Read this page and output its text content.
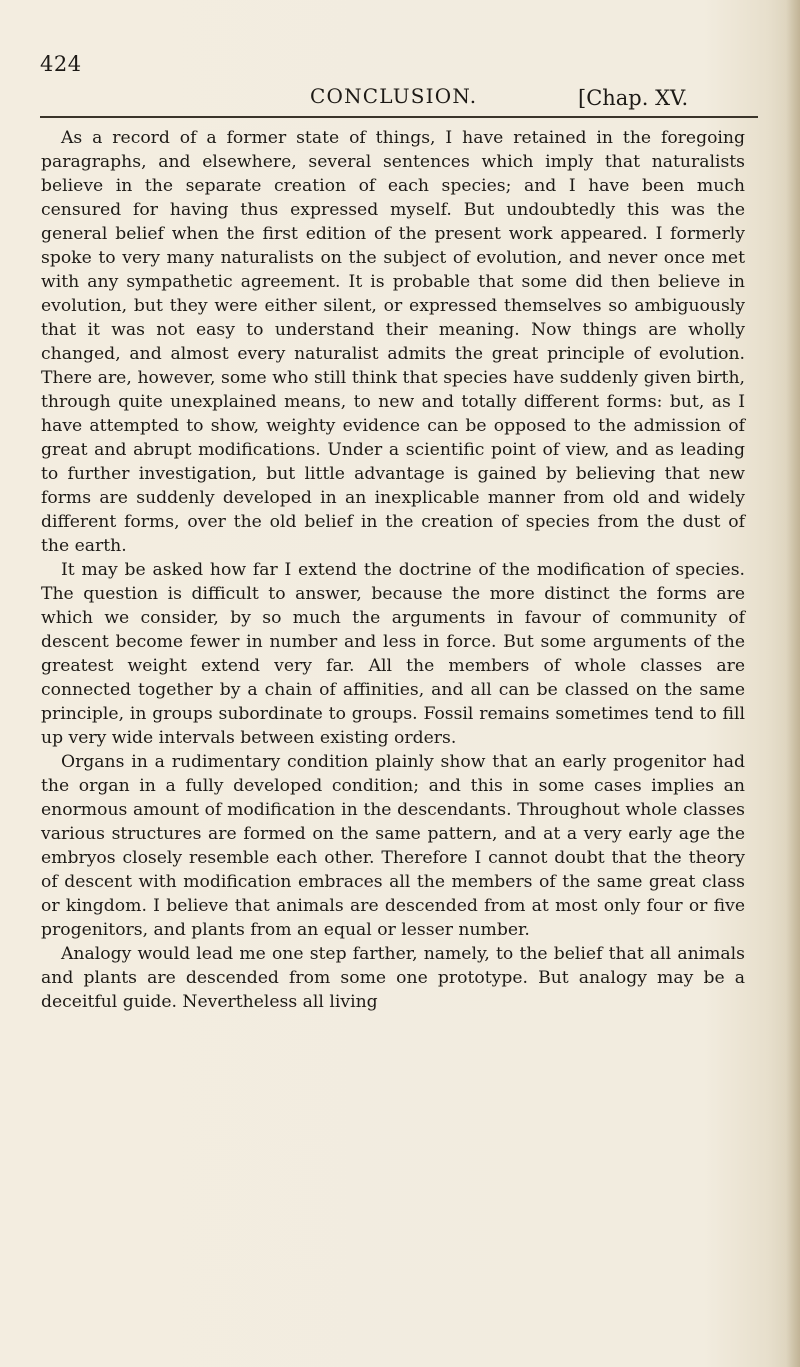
424
CONCLUSION.	[Chap. XV.

As a record of a former state of things, I have retained in the foregoing paragraphs, and elsewhere, several sentences which imply that naturalists believe in the separate creation of each species; and I have been much censured for having thus expressed myself. But undoubtedly this was the general belief when the first edition of the present work appeared. I formerly spoke to very many naturalists on the subject of evolution, and never once met with any sympathetic agreement. It is probable that some did then believe in evolution, but they were either silent, or expressed themselves so ambiguously that it was not easy to understand their meaning. Now things are wholly changed, and almost every naturalist admits the great principle of evolution. There are, however, some who still think that species have suddenly given birth, through quite unexplained means, to new and totally different forms: but, as I have attempted to show, weighty evidence can be opposed to the admission of great and abrupt modifications. Under a scientific point of view, and as leading to further investigation, but little advantage is gained by believing that new forms are suddenly developed in an inexplicable manner from old and widely different forms, over the old belief in the creation of species from the dust of the earth.

It may be asked how far I extend the doctrine of the modification of species. The question is difficult to answer, because the more distinct the forms are which we consider, by so much the arguments in favour of community of descent become fewer in number and less in force. But some arguments of the greatest weight extend very far. All the members of whole classes are connected together by a chain of affinities, and all can be classed on the same principle, in groups subordinate to groups. Fossil remains sometimes tend to fill up very wide intervals between existing orders.

Organs in a rudimentary condition plainly show that an early progenitor had the organ in a fully developed condition; and this in some cases implies an enormous amount of modification in the descendants. Throughout whole classes various structures are formed on the same pattern, and at a very early age the embryos closely resemble each other. Therefore I cannot doubt that the theory of descent with modification embraces all the members of the same great class or kingdom. I believe that animals are descended from at most only four or five progenitors, and plants from an equal or lesser number.

Analogy would lead me one step farther, namely, to the belief that all animals and plants are descended from some one prototype. But analogy may be a deceitful guide. Nevertheless all living
